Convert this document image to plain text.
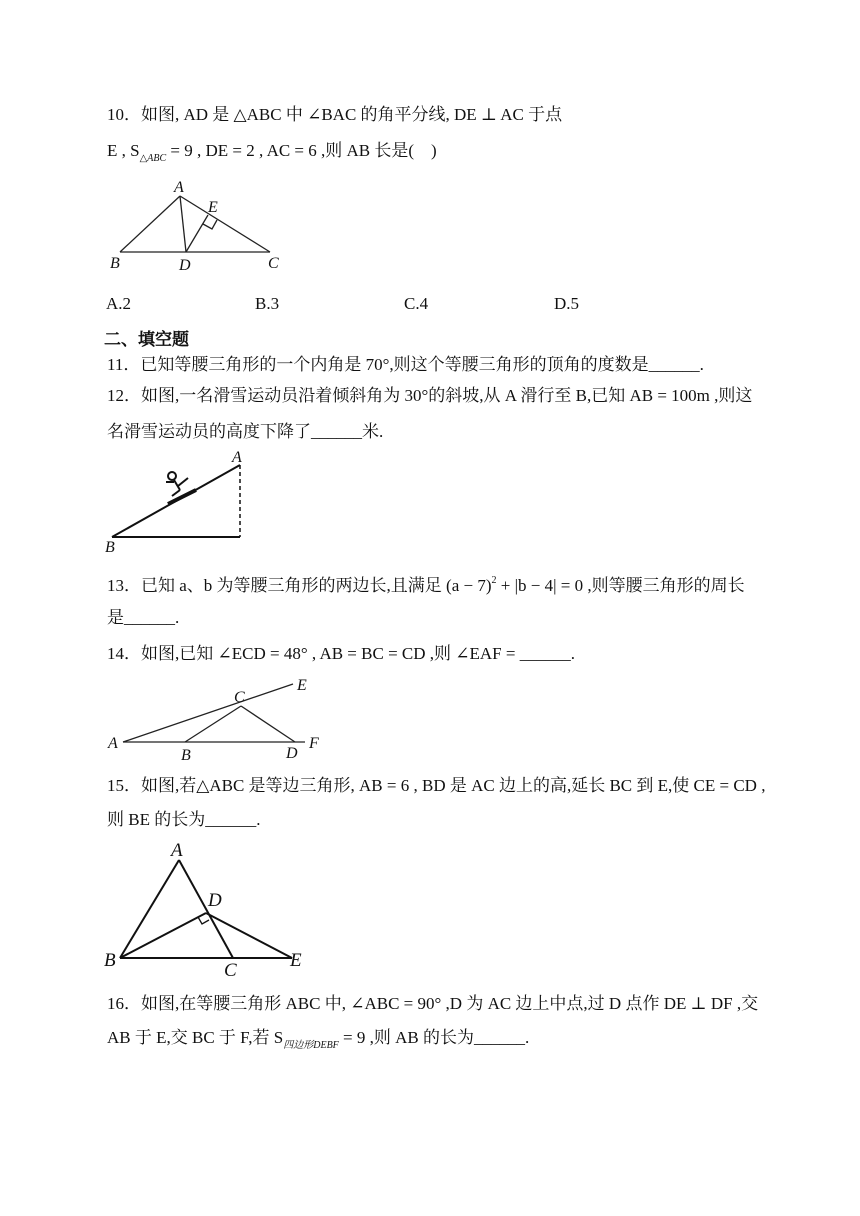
10．如图, AD 是 △ABC 中 ∠BAC 的角平分线, DE ⊥ AC 于点
E , $S_{\triangle ABC} = 9$ , DE = 2 , AC = 6 ,则 AB 长是(　)
A
E
B	D	C
A.2	B.3	C.4	D.5
二、填空题
11．已知等腰三角形的一个内角是 70°,则这个等腰三角形的顶角的度数是______.
12．如图,一名滑雪运动员沿着倾斜角为 30°的斜坡,从 A 滑行至 B,已知 AB = 100m ,则这
名滑雪运动员的高度下降了______米.
A
B
13．已知 a、b 为等腰三角形的两边长,且满足 $(a - 7)^2 + |b - 4| = 0$ ,则等腰三角形的周长
是______.
14．如图,已知 ∠ECD = 48° , AB = BC = CD ,则 ∠EAF = ______.
A
B
C
D
E
F
15．如图,若△ABC 是等边三角形, AB = 6 , BD 是 AC 边上的高,延长 BC 到 E,使 CE = CD ,
则 BE 的长为______.
A
D
B	C	E
16．如图,在等腰三角形 ABC 中, ∠ABC = 90° ,D 为 AC 边上中点,过 D 点作 DE ⊥ DF ,交
AB 于 E,交 BC 于 F,若 $S_{四边形DEBF} = 9$ ,则 AB 的长为______.
